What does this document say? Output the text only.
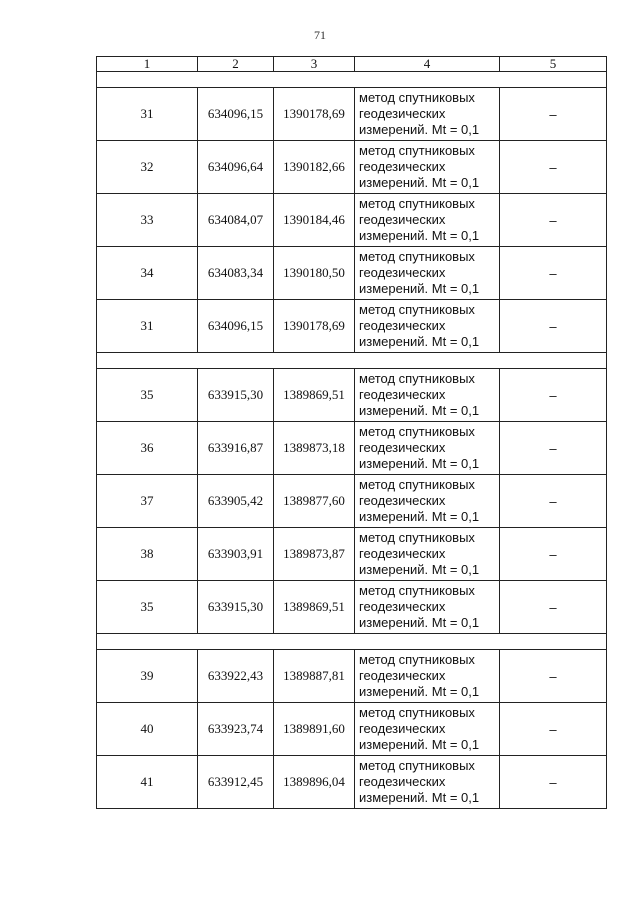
71
1	2	3	4	5

31	634096,15	1390178,69	метод спутниковых геодезических измерений. Mt = 0,1	–
32	634096,64	1390182,66	метод спутниковых геодезических измерений. Mt = 0,1	–
33	634084,07	1390184,46	метод спутниковых геодезических измерений. Mt = 0,1	–
34	634083,34	1390180,50	метод спутниковых геодезических измерений. Mt = 0,1	–
31	634096,15	1390178,69	метод спутниковых геодезических измерений. Mt = 0,1	–

35	633915,30	1389869,51	метод спутниковых геодезических измерений. Mt = 0,1	–
36	633916,87	1389873,18	метод спутниковых геодезических измерений. Mt = 0,1	–
37	633905,42	1389877,60	метод спутниковых геодезических измерений. Mt = 0,1	–
38	633903,91	1389873,87	метод спутниковых геодезических измерений. Mt = 0,1	–
35	633915,30	1389869,51	метод спутниковых геодезических измерений. Mt = 0,1	–

39	633922,43	1389887,81	метод спутниковых геодезических измерений. Mt = 0,1	–
40	633923,74	1389891,60	метод спутниковых геодезических измерений. Mt = 0,1	–
41	633912,45	1389896,04	метод спутниковых геодезических измерений. Mt = 0,1	–
